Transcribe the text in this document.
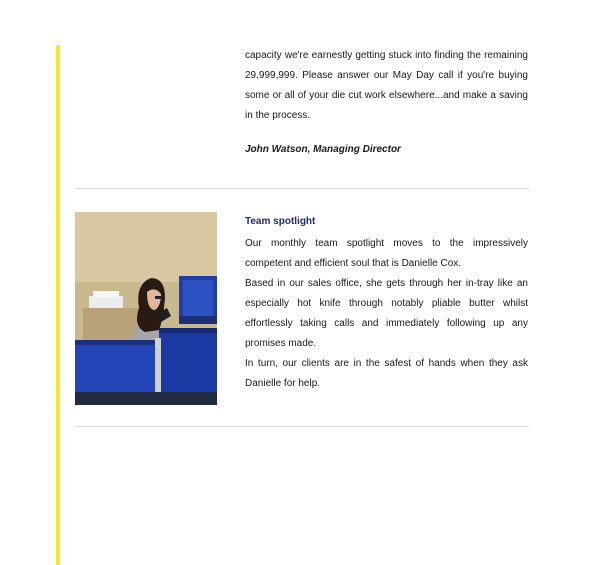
capacity we're earnestly getting stuck into finding the remaining 29,999,999. Please answer our May Day call if you're buying some or all of your die cut work elsewhere...and make a saving in the process.

John Watson, Managing Director

Team spotlight

Our monthly team spotlight moves to the impressively competent and efficient soul that is Danielle Cox.
Based in our sales office, she gets through her in-tray like an especially hot knife through notably pliable butter whilst effortlessly taking calls and immediately following up any promises made.
In turn, our clients are in the safest of hands when they ask Danielle for help.
